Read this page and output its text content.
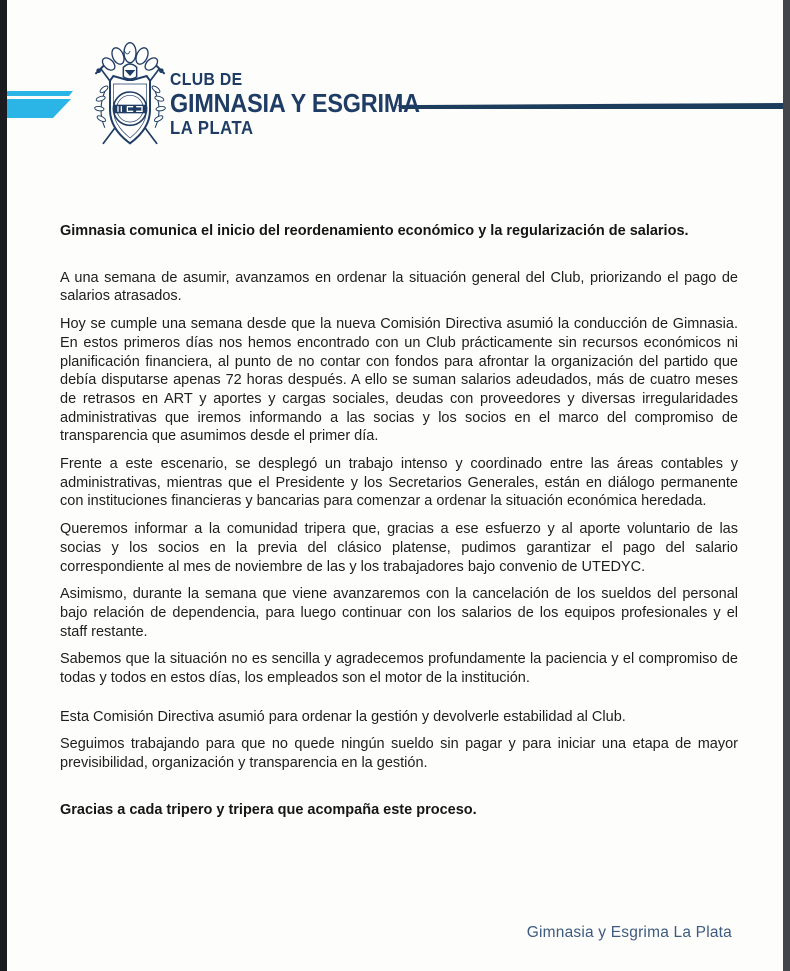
CLUB DE
GIMNASIA Y ESGRIMA
LA PLATA

Gimnasia comunica el inicio del reordenamiento económico y la regularización de salarios.

A una semana de asumir, avanzamos en ordenar la situación general del Club, priorizando el pago de salarios atrasados.

Hoy se cumple una semana desde que la nueva Comisión Directiva asumió la conducción de Gimnasia. En estos primeros días nos hemos encontrado con un Club prácticamente sin recursos económicos ni planificación financiera, al punto de no contar con fondos para afrontar la organización del partido que debía disputarse apenas 72 horas después. A ello se suman salarios adeudados, más de cuatro meses de retrasos en ART y aportes y cargas sociales, deudas con proveedores y diversas irregularidades administrativas que iremos informando a las socias y los socios en el marco del compromiso de transparencia que asumimos desde el primer día.

Frente a este escenario, se desplegó un trabajo intenso y coordinado entre las áreas contables y administrativas, mientras que el Presidente y los Secretarios Generales, están en diálogo permanente con instituciones financieras y bancarias para comenzar a ordenar la situación económica heredada.

Queremos informar a la comunidad tripera que, gracias a ese esfuerzo y al aporte voluntario de las socias y los socios en la previa del clásico platense, pudimos garantizar el pago del salario correspondiente al mes de noviembre de las y los trabajadores bajo convenio de UTEDYC.

Asimismo, durante la semana que viene avanzaremos con la cancelación de los sueldos del personal bajo relación de dependencia, para luego continuar con los salarios de los equipos profesionales y el staff restante.

Sabemos que la situación no es sencilla y agradecemos profundamente la paciencia y el compromiso de todas y todos en estos días, los empleados son el motor de la institución.

Esta Comisión Directiva asumió para ordenar la gestión y devolverle estabilidad al Club.

Seguimos trabajando para que no quede ningún sueldo sin pagar y para iniciar una etapa de mayor previsibilidad, organización y transparencia en la gestión.

Gracias a cada tripero y tripera que acompaña este proceso.

Gimnasia y Esgrima La Plata
